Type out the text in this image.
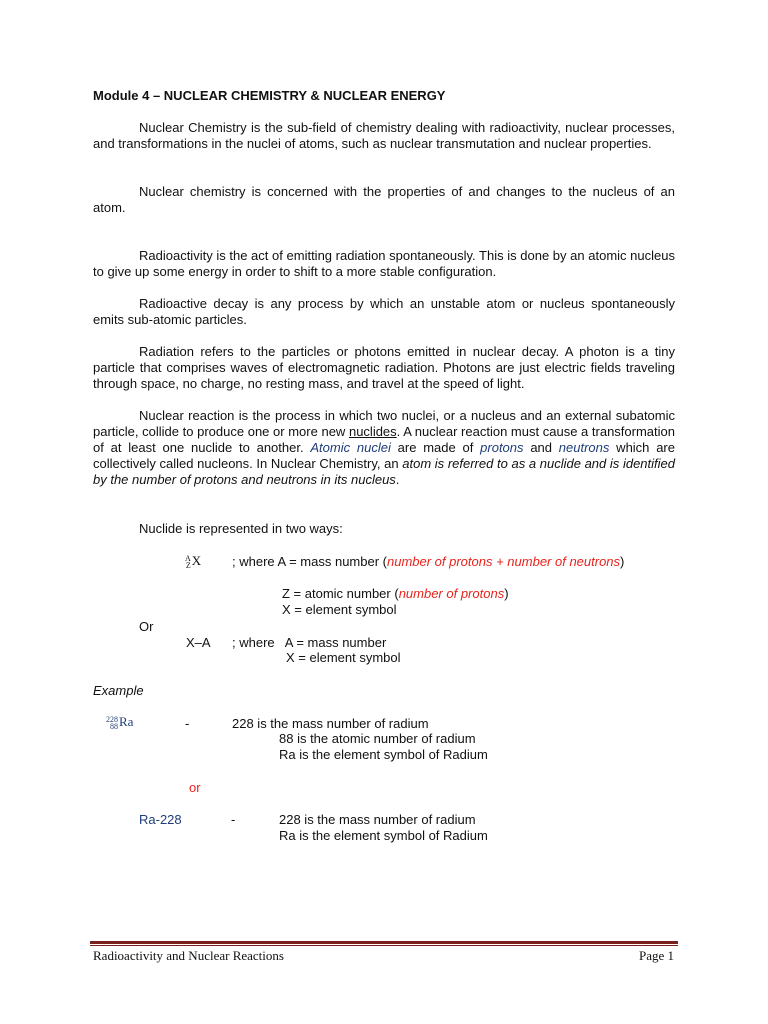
Module 4 – NUCLEAR CHEMISTRY & NUCLEAR ENERGY
Nuclear Chemistry is the sub-field of chemistry dealing with radioactivity, nuclear processes, and transformations in the nuclei of atoms, such as nuclear transmutation and nuclear properties.
Nuclear chemistry is concerned with the properties of and changes to the nucleus of an atom.
Radioactivity is the act of emitting radiation spontaneously. This is done by an atomic nucleus to give up some energy in order to shift to a more stable configuration.
Radioactive decay is any process by which an unstable atom or nucleus spontaneously emits sub-atomic particles.
Radiation refers to the particles or photons emitted in nuclear decay. A photon is a tiny particle that comprises waves of electromagnetic radiation. Photons are just electric fields traveling through space, no charge, no resting mass, and travel at the speed of light.
Nuclear reaction is the process in which two nuclei, or a nucleus and an external subatomic particle, collide to produce one or more new nuclides. A nuclear reaction must cause a transformation of at least one nuclide to another. Atomic nuclei are made of protons and neutrons which are collectively called nucleons. In Nuclear Chemistry, an atom is referred to as a nuclide and is identified by the number of protons and neutrons in its nucleus.
Nuclide is represented in two ways:
A
ZX ; where A = mass number (number of protons + number of neutrons)
Z = atomic number (number of protons)
X = element symbol
Or
X–A ; where   A = mass number
X = element symbol
Example
228
88Ra	-	228 is the mass number of radium
88 is the atomic number of radium
Ra is the element symbol of Radium
or
Ra-228	-	228 is the mass number of radium
Ra is the element symbol of Radium
Radioactivity and Nuclear Reactions	Page 1
